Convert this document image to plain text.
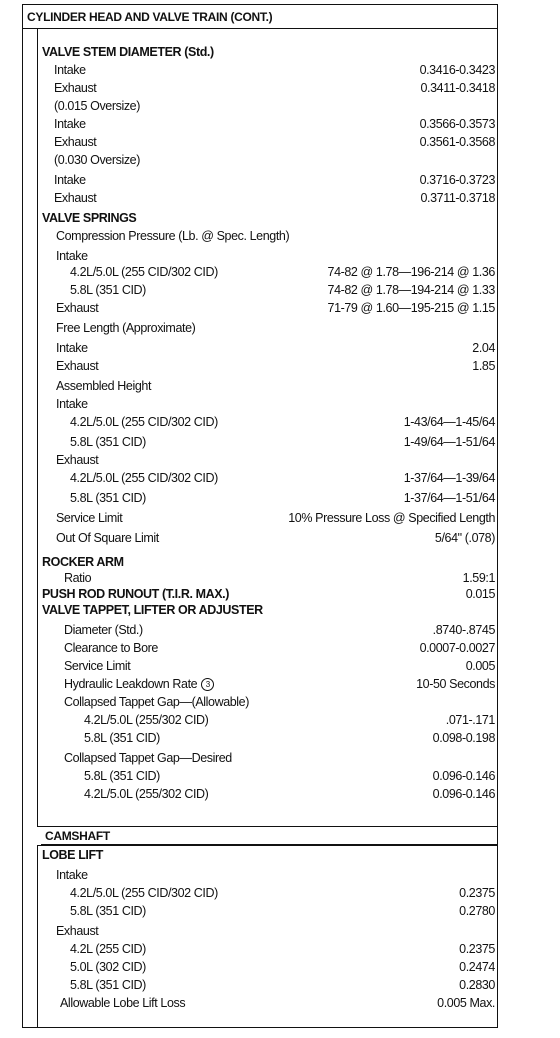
CYLINDER HEAD AND VALVE TRAIN (CONT.)
VALVE STEM DIAMETER (Std.)
Intake	0.3416-0.3423
Exhaust	0.3411-0.3418
(0.015 Oversize)
Intake	0.3566-0.3573
Exhaust	0.3561-0.3568
(0.030 Oversize)
Intake	0.3716-0.3723
Exhaust	0.3711-0.3718
VALVE SPRINGS
Compression Pressure (Lb. @ Spec. Length)
Intake
4.2L/5.0L (255 CID/302 CID)	74-82 @ 1.78—196-214 @ 1.36
5.8L (351 CID)	74-82 @ 1.78—194-214 @ 1.33
Exhaust	71-79 @ 1.60—195-215 @ 1.15
Free Length (Approximate)
Intake	2.04
Exhaust	1.85
Assembled Height
Intake
4.2L/5.0L (255 CID/302 CID)	1-43/64—1-45/64
5.8L (351 CID)	1-49/64—1-51/64
Exhaust
4.2L/5.0L (255 CID/302 CID)	1-37/64—1-39/64
5.8L (351 CID)	1-37/64—1-51/64
Service Limit	10% Pressure Loss @ Specified Length
Out Of Square Limit	5/64" (.078)
ROCKER ARM
Ratio	1.59:1
PUSH ROD RUNOUT (T.I.R. MAX.)	0.015
VALVE TAPPET, LIFTER OR ADJUSTER
Diameter (Std.)	.8740-.8745
Clearance to Bore	0.0007-0.0027
Service Limit	0.005
Hydraulic Leakdown Rate 3	10-50 Seconds
Collapsed Tappet Gap—(Allowable)
4.2L/5.0L (255/302 CID)	.071-.171
5.8L (351 CID)	0.098-0.198
Collapsed Tappet Gap—Desired
5.8L (351 CID)	0.096-0.146
4.2L/5.0L (255/302 CID)	0.096-0.146
CAMSHAFT
LOBE LIFT
Intake
4.2L/5.0L (255 CID/302 CID)	0.2375
5.8L (351 CID)	0.2780
Exhaust
4.2L (255 CID)	0.2375
5.0L (302 CID)	0.2474
5.8L (351 CID)	0.2830
Allowable Lobe Lift Loss	0.005 Max.
